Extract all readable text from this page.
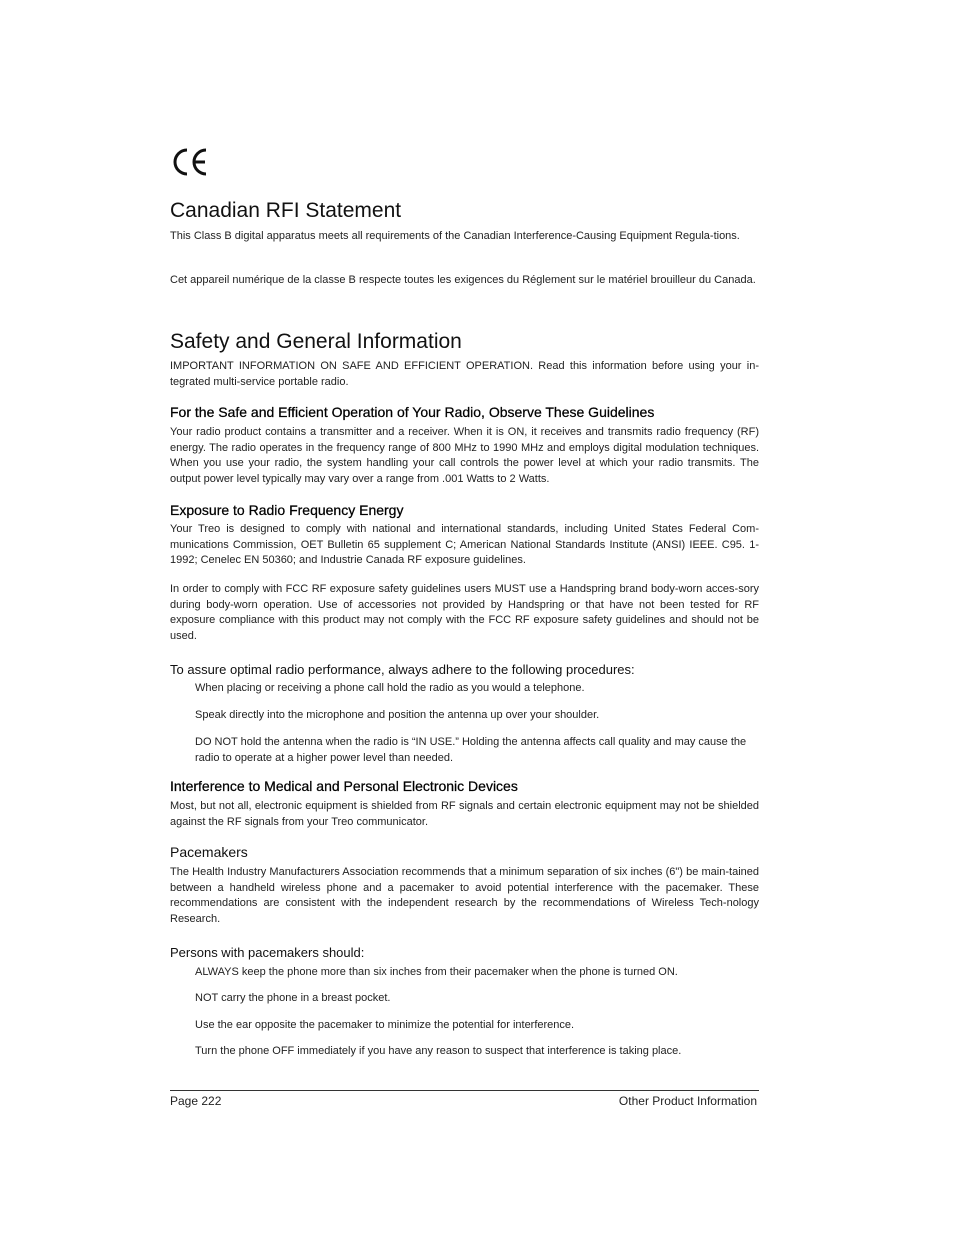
Canadian RFI Statement

This Class B digital apparatus meets all requirements of the Canadian Interference-Causing Equipment Regula-tions.

Cet appareil numérique de la classe B respecte toutes les exigences du Réglement sur le matériel brouilleur du Canada.

Safety and General Information

IMPORTANT INFORMATION ON SAFE AND EFFICIENT OPERATION. Read this information before using your in-tegrated multi-service portable radio.

For the Safe and Efficient Operation of Your Radio, Observe These Guidelines

Your radio product contains a transmitter and a receiver. When it is ON, it receives and transmits radio frequency (RF) energy. The radio operates in the frequency range of 800 MHz to 1990 MHz and employs digital modulation techniques. When you use your radio, the system handling your call controls the power level at which your radio transmits. The output power level typically may vary over a range from .001 Watts to 2 Watts.

Exposure to Radio Frequency Energy

Your Treo is designed to comply with national and international standards, including United States Federal Com-munications Commission, OET Bulletin 65 supplement C; American National Standards Institute (ANSI) IEEE. C95. 1-1992; Cenelec EN 50360; and Industrie Canada RF exposure guidelines.

In order to comply with FCC RF exposure safety guidelines users MUST use a Handspring brand body-worn acces-sory during body-worn operation. Use of accessories not provided by Handspring or that have not been tested for RF exposure compliance with this product may not comply with the FCC RF exposure safety guidelines and should not be used.

To assure optimal radio performance, always adhere to the following procedures:

When placing or receiving a phone call hold the radio as you would a telephone.

Speak directly into the microphone and position the antenna up over your shoulder.

DO NOT hold the antenna when the radio is “IN USE.” Holding the antenna affects call quality and may cause the radio to operate at a higher power level than needed.

Interference to Medical and Personal Electronic Devices

Most, but not all, electronic equipment is shielded from RF signals and certain electronic equipment may not be shielded against the RF signals from your Treo communicator.

Pacemakers

The Health Industry Manufacturers Association recommends that a minimum separation of six inches (6") be main-tained between a handheld wireless phone and a pacemaker to avoid potential interference with the pacemaker. These recommendations are consistent with the independent research by the recommendations of Wireless Tech-nology Research.

Persons with pacemakers should:

ALWAYS keep the phone more than six inches from their pacemaker when the phone is turned ON.

NOT carry the phone in a breast pocket.

Use the ear opposite the pacemaker to minimize the potential for interference.

Turn the phone OFF immediately if you have any reason to suspect that interference is taking place.

Page 222	Other Product Information
